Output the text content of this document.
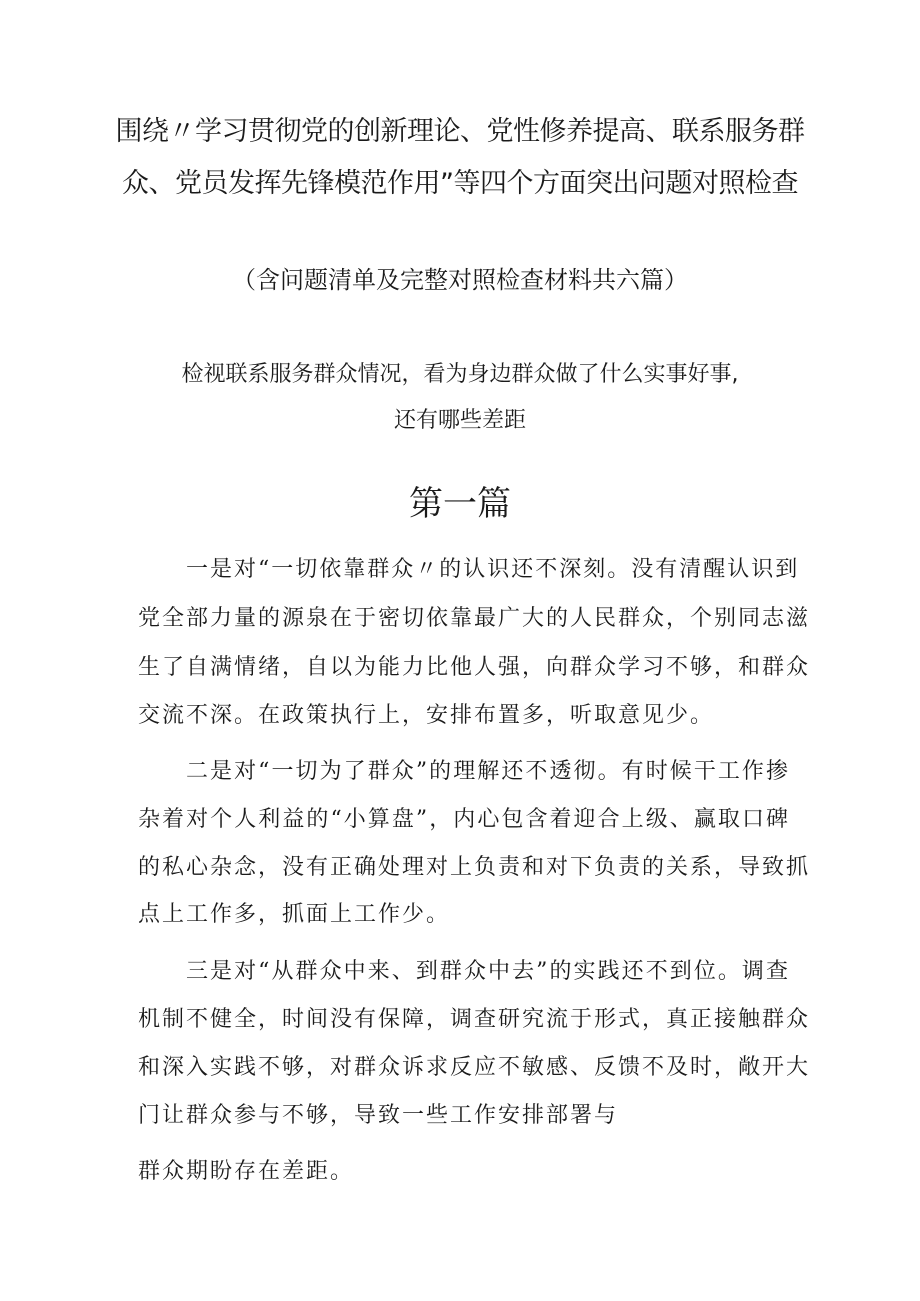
围绕〃学习贯彻党的创新理论、党性修养提高、联系服务群
众、党员发挥先锋模范作用”等四个方面突出问题对照检查
（含问题清单及完整对照检查材料共六篇）
检视联系服务群众情况，看为身边群众做了什么实事好事,
还有哪些差距
第一篇
一是对“一切依靠群众〃的认识还不深刻。没有清醒认识到
党全部力量的源泉在于密切依靠最广大的人民群众，个别同志滋
生了自满情绪，自以为能力比他人强，向群众学习不够，和群众
交流不深。在政策执行上，安排布置多，听取意见少。
二是对“一切为了群众”的理解还不透彻。有时候干工作掺
杂着对个人利益的“小算盘”，内心包含着迎合上级、赢取口碑
的私心杂念，没有正确处理对上负责和对下负责的关系，导致抓
点上工作多，抓面上工作少。
三是对“从群众中来、到群众中去”的实践还不到位。调查
机制不健全，时间没有保障，调查研究流于形式，真正接触群众
和深入实践不够，对群众诉求反应不敏感、反馈不及时，敞开大
门让群众参与不够，导致一些工作安排部署与
群众期盼存在差距。
